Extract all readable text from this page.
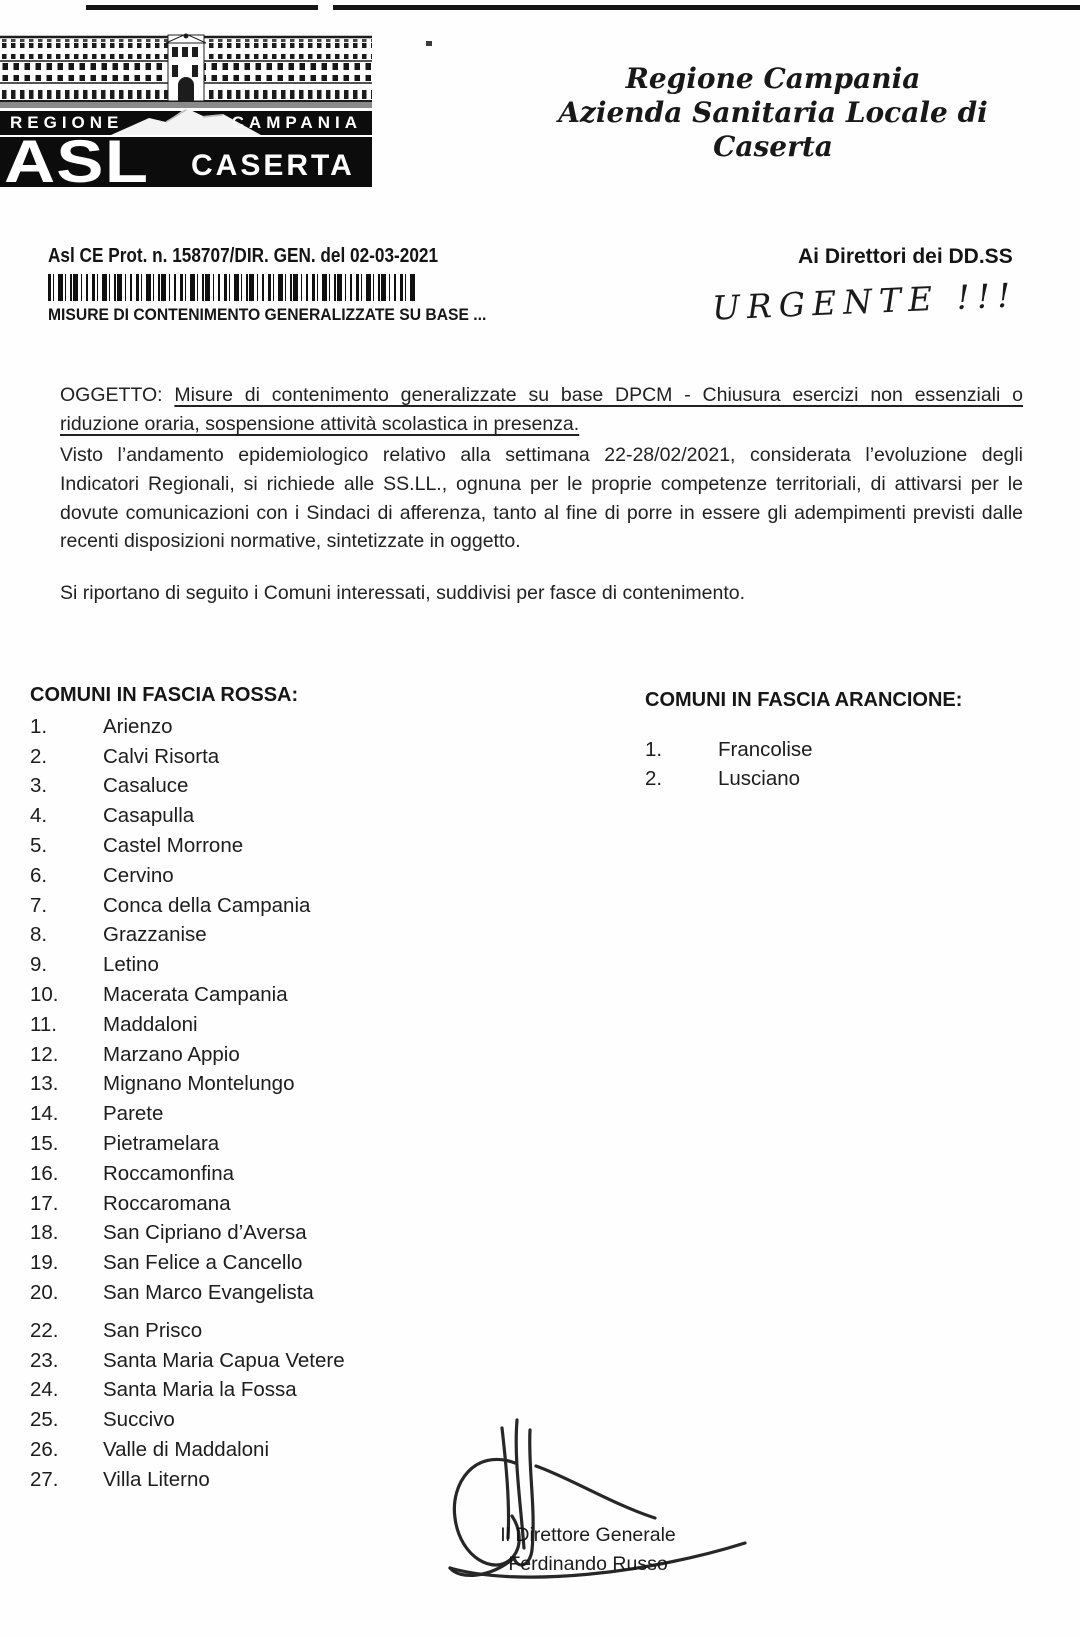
REGIONE	CAMPANIA
ASL CASERTA
Regione Campania
Azienda Sanitaria Locale di Caserta
Asl CE Prot. n. 158707/DIR. GEN. del 02-03-2021
MISURE DI CONTENIMENTO GENERALIZZATE SU BASE ...
Ai Direttori dei DD.SS
URGENTE !!!
OGGETTO: Misure di contenimento generalizzate su base DPCM - Chiusura esercizi non essenziali o riduzione oraria, sospensione attività scolastica in presenza.
Visto l’andamento epidemiologico relativo alla settimana 22-28/02/2021, considerata l’evoluzione degli Indicatori Regionali, si richiede alle SS.LL., ognuna per le proprie competenze territoriali, di attivarsi per le dovute comunicazioni con i Sindaci di afferenza, tanto al fine di porre in essere gli adempimenti previsti dalle recenti disposizioni normative, sintetizzate in oggetto.
Si riportano di seguito i Comuni interessati, suddivisi per fasce di contenimento.
COMUNI IN FASCIA ROSSA:
1.	Arienzo
2.	Calvi Risorta
3.	Casaluce
4.	Casapulla
5.	Castel Morrone
6.	Cervino
7.	Conca della Campania
8.	Grazzanise
9.	Letino
10.	Macerata Campania
11.	Maddaloni
12.	Marzano Appio
13.	Mignano Montelungo
14.	Parete
15.	Pietramelara
16.	Roccamonfina
17.	Roccaromana
18.	San Cipriano d’Aversa
19.	San Felice a Cancello
20.	San Marco Evangelista
22.	San Prisco
23.	Santa Maria Capua Vetere
24.	Santa Maria la Fossa
25.	Succivo
26.	Valle di Maddaloni
27.	Villa Literno
COMUNI IN FASCIA ARANCIONE:
1.	Francolise
2.	Lusciano
Il Direttore Generale
Ferdinando Russo
